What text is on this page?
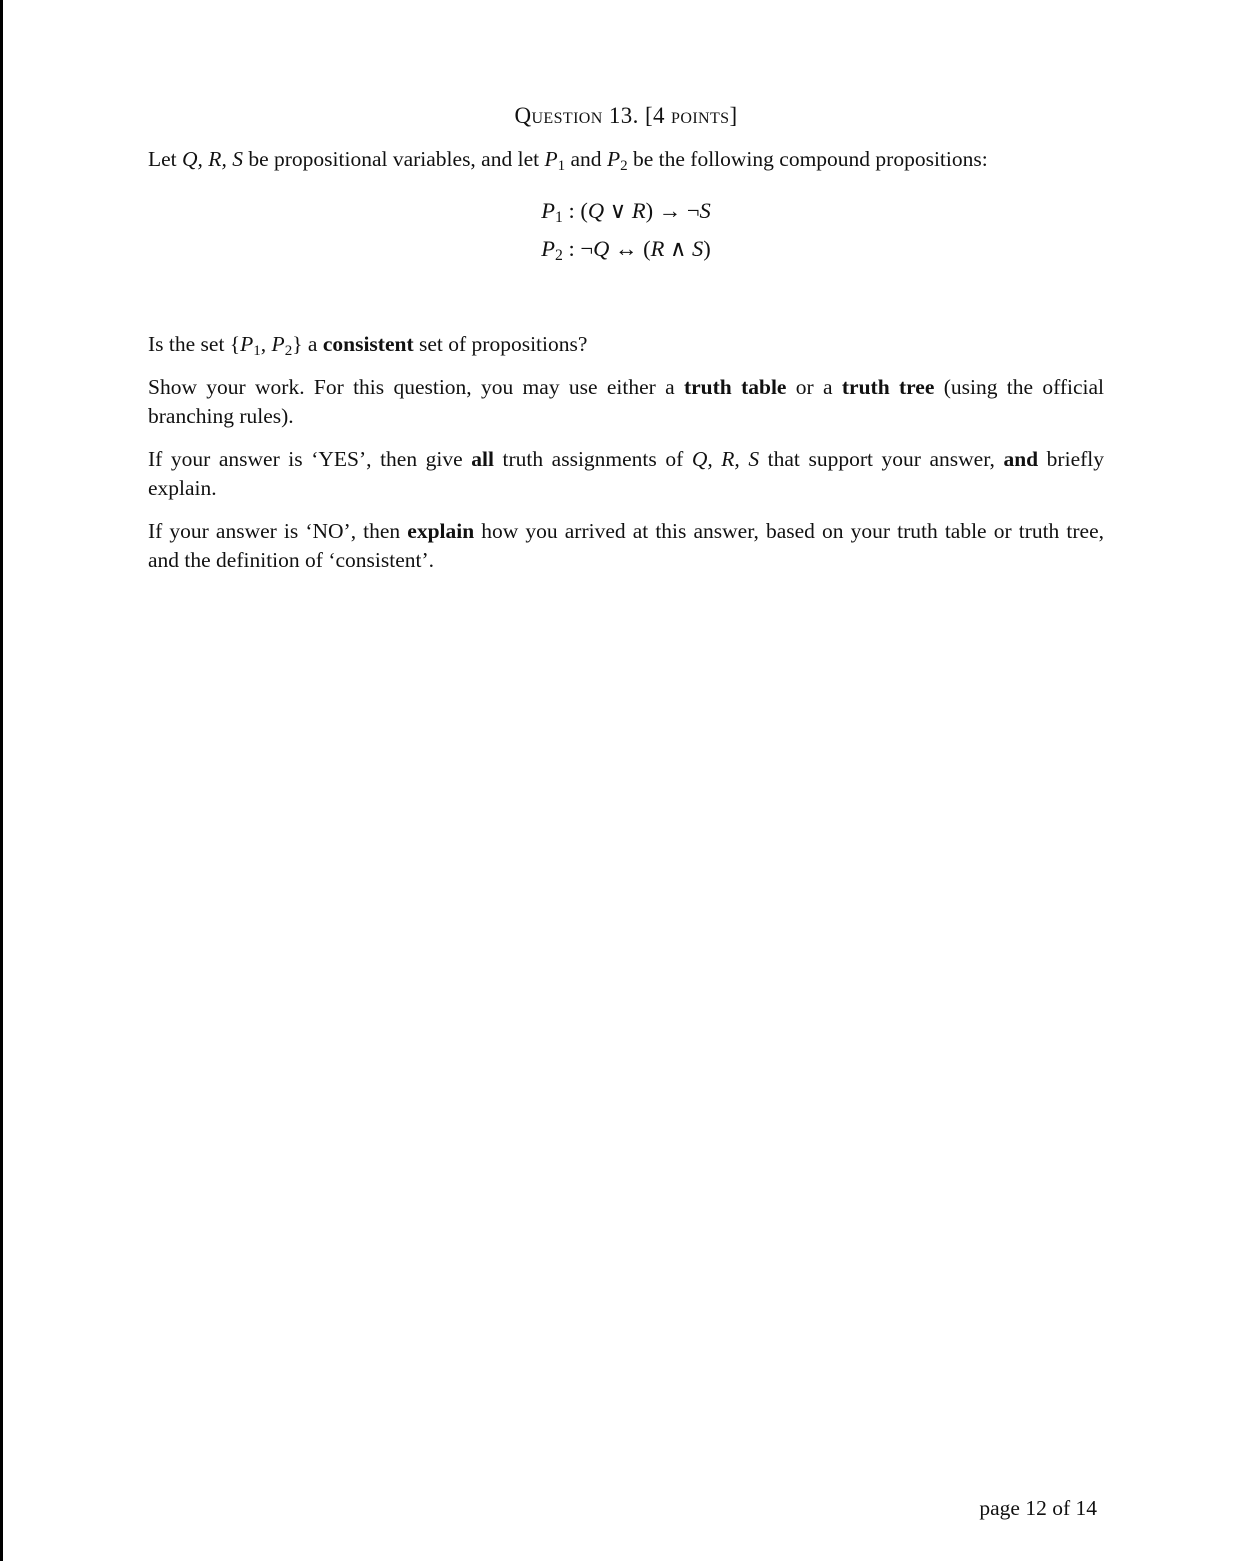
Question 13. [4 points]

Let Q, R, S be propositional variables, and let $P_1$ and $P_2$ be the following compound propositions:

$P_1$ : (Q ∨ R) → ¬S
$P_2$ : ¬Q ↔ (R ∧ S)

Is the set {$P_1$, $P_2$} a consistent set of propositions?

Show your work. For this question, you may use either a truth table or a truth tree (using the official branching rules).

If your answer is ‘YES’, then give all truth assignments of Q, R, S that support your answer, and briefly explain.

If your answer is ‘NO’, then explain how you arrived at this answer, based on your truth table or truth tree, and the definition of ‘consistent’.

page 12 of 14
